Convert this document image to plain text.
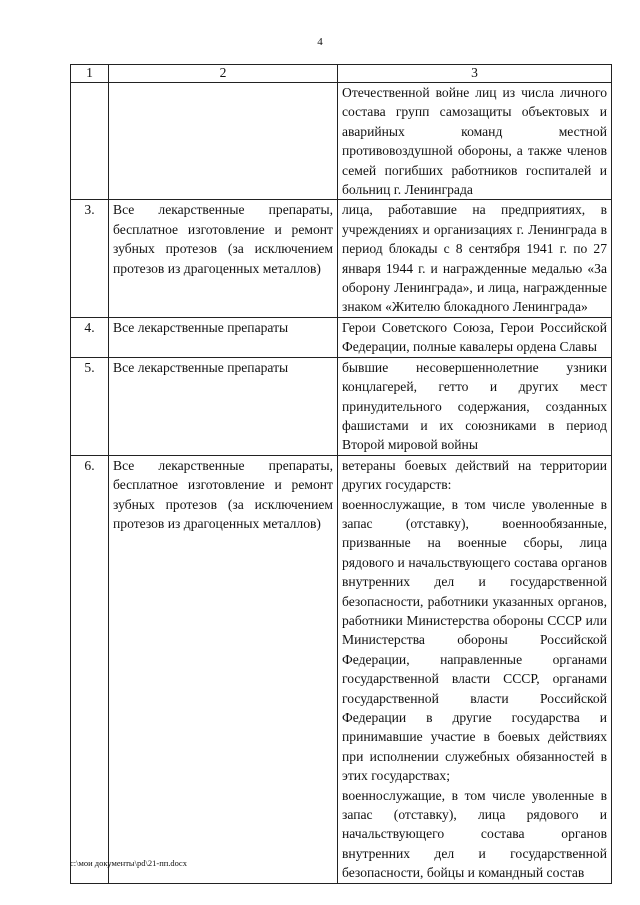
4
1	2	3

		Отечественной войне лиц из числа личного состава групп самозащиты объектовых и аварийных команд местной противовоздушной обороны, а также членов семей погибших работников госпиталей и больниц г. Ленинграда

3.	Все лекарственные препараты, бесплатное изготовление и ремонт зубных протезов (за исключением протезов из драгоценных металлов)	лица, работавшие на предприятиях, в учреждениях и организациях г. Ленинграда в период блокады с 8 сентября 1941 г. по 27 января 1944 г. и награжденные медалью «За оборону Ленинграда», и лица, награжденные знаком «Жителю блокадного Ленинграда»

4.	Все лекарственные препараты	Герои Советского Союза, Герои Российской Федерации, полные кавалеры ордена Славы

5.	Все лекарственные препараты	бывшие несовершеннолетние узники концлагерей, гетто и других мест принудительного содержания, созданных фашистами и их союзниками в период Второй мировой войны

6.	Все лекарственные препараты, бесплатное изготовление и ремонт зубных протезов (за исключением протезов из драгоценных металлов)	ветераны боевых действий на территории других государств:

военнослужащие, в том числе уволенные в запас (отставку), военнообязанные, призванные на военные сборы, лица рядового и начальствующего состава органов внутренних дел и государственной безопасности, работники указанных органов, работники Министерства обороны СССР или Министерства обороны Российской Федерации, направленные органами государственной власти СССР, органами государственной власти Российской Федерации в другие государства и принимавшие участие в боевых действиях при исполнении служебных обязанностей в этих государствах;

военнослужащие, в том числе уволенные в запас (отставку), лица рядового и начальствующего состава органов внутренних дел и государственной безопасности, бойцы и командный состав

c:\мои документы\pd\21-пп.docx
